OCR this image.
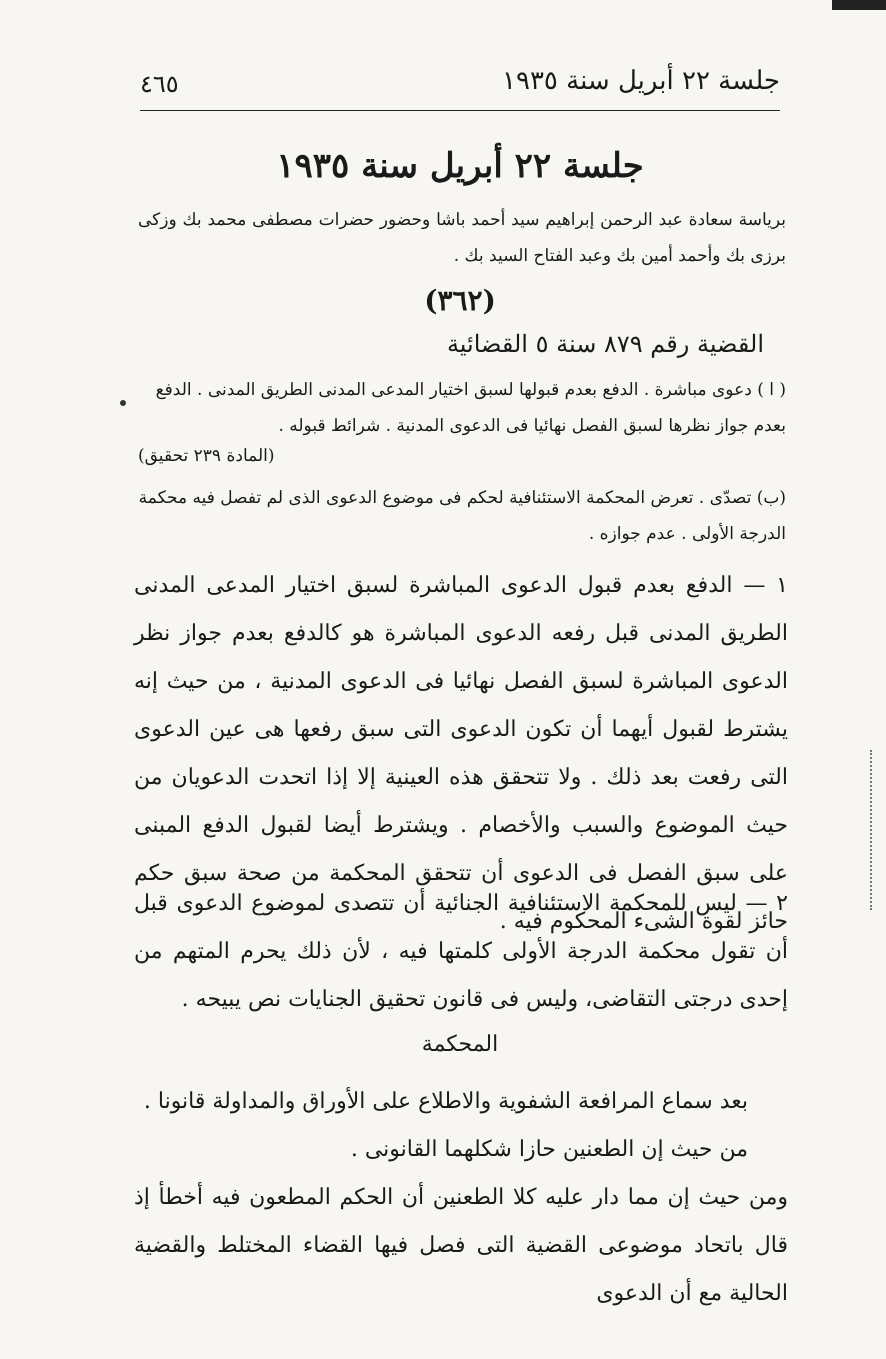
جلسة ٢٢ أبريل سنة ١٩٣٥
٤٦٥
جلسة ٢٢ أبريل سنة ١٩٣٥
برياسة سعادة عبد الرحمن إبراهيم سيد أحمد باشا وحضور حضرات مصطفى محمد بك وزكى برزى بك وأحمد أمين بك وعبد الفتاح السيد بك .
(٣٦٢)
القضية رقم ٨٧٩ سنة ٥ القضائية
( ا ) دعوى مباشرة . الدفع بعدم قبولها لسبق اختيار المدعى المدنى الطريق المدنى . الدفع بعدم جواز نظرها لسبق الفصل نهائيا فى الدعوى المدنية . شرائط قبوله .
(المادة ٢٣٩ تحقيق)
(ب) تصدّى . تعرض المحكمة الاستئنافية لحكم فى موضوع الدعوى الذى لم تفصل فيه محكمة الدرجة الأولى . عدم جوازه .
١ — الدفع بعدم قبول الدعوى المباشرة لسبق اختيار المدعى المدنى الطريق المدنى قبل رفعه الدعوى المباشرة هو كالدفع بعدم جواز نظر الدعوى المباشرة لسبق الفصل نهائيا فى الدعوى المدنية ، من حيث إنه يشترط لقبول أيهما أن تكون الدعوى التى سبق رفعها هى عين الدعوى التى رفعت بعد ذلك . ولا تتحقق هذه العينية إلا إذا اتحدت الدعويان من حيث الموضوع والسبب والأخصام . ويشترط أيضا لقبول الدفع المبنى على سبق الفصل فى الدعوى أن تتحقق المحكمة من صحة سبق حكم حائز لقوة الشىء المحكوم فيه .
٢ — ليس للمحكمة الاستئنافية الجنائية أن تتصدى لموضوع الدعوى قبل أن تقول محكمة الدرجة الأولى كلمتها فيه ، لأن ذلك يحرم المتهم من إحدى درجتى التقاضى، وليس فى قانون تحقيق الجنايات نص يبيحه .
المحكمة
بعد سماع المرافعة الشفوية والاطلاع على الأوراق والمداولة قانونا .
من حيث إن الطعنين حازا شكلهما القانونى .
ومن حيث إن مما دار عليه كلا الطعنين أن الحكم المطعون فيه أخطأ إذ قال باتحاد موضوعى القضية التى فصل فيها القضاء المختلط والقضية الحالية مع أن الدعوى
